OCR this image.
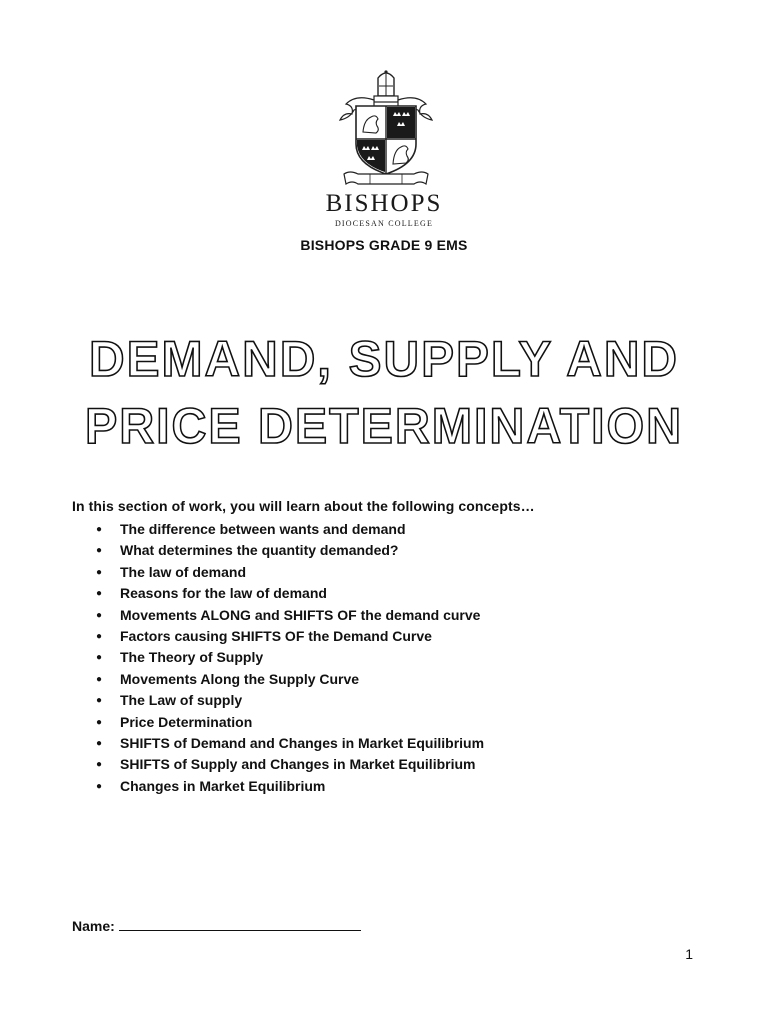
BISHOPS
DIOCESAN COLLEGE
BISHOPS GRADE 9 EMS
DEMAND, SUPPLY AND
PRICE DETERMINATION
In this section of work, you will learn about the following concepts…
● The difference between wants and demand
● What determines the quantity demanded?
● The law of demand
● Reasons for the law of demand
● Movements ALONG and SHIFTS OF the demand curve
● Factors causing SHIFTS OF the Demand Curve
● The Theory of Supply
● Movements Along the Supply Curve
● The Law of supply
● Price Determination
● SHIFTS of Demand and Changes in Market Equilibrium
● SHIFTS of Supply and Changes in Market Equilibrium
● Changes in Market Equilibrium
Name:
1
